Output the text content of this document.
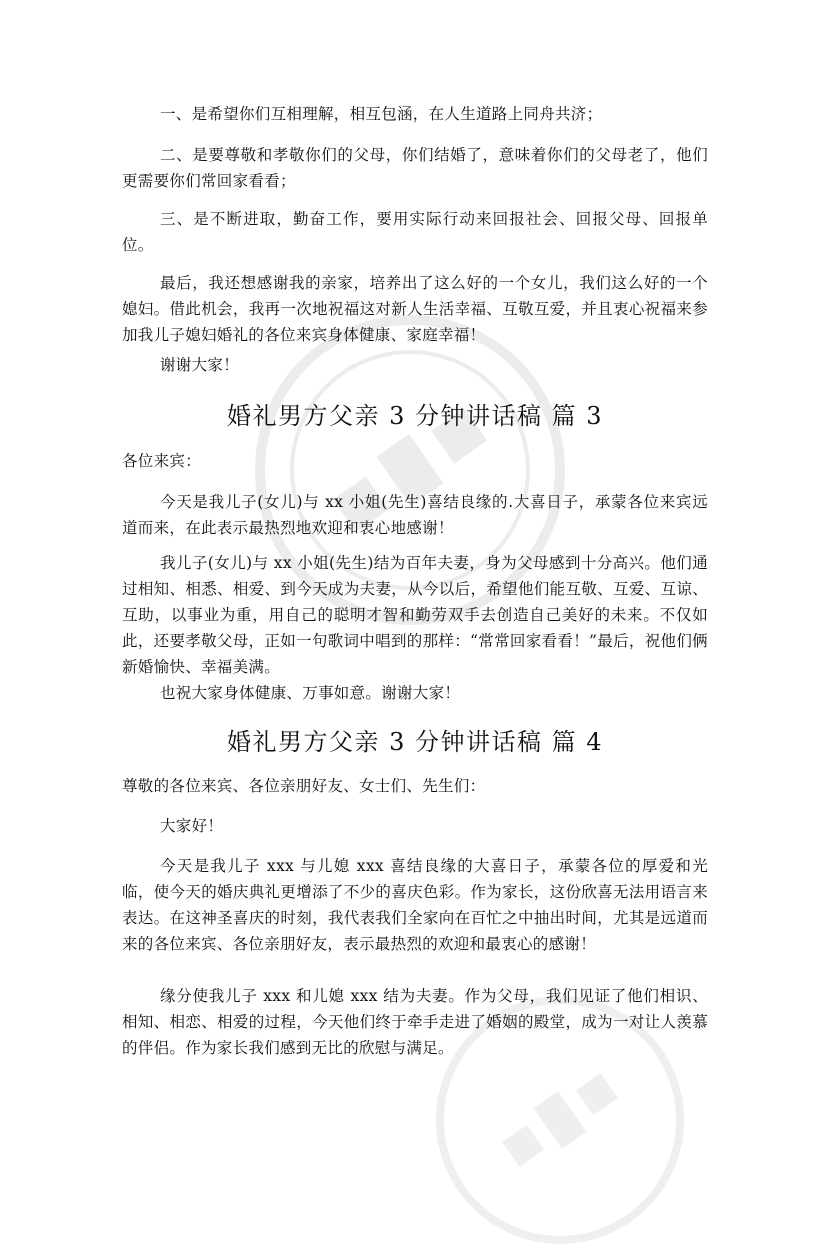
一、是希望你们互相理解，相互包涵，在人生道路上同舟共济；

二、是要尊敬和孝敬你们的父母，你们结婚了，意味着你们的父母老了，他们更需要你们常回家看看；

三、是不断进取，勤奋工作，要用实际行动来回报社会、回报父母、回报单位。

最后，我还想感谢我的亲家，培养出了这么好的一个女儿，我们这么好的一个媳妇。借此机会，我再一次地祝福这对新人生活幸福、互敬互爱，并且衷心祝福来参加我儿子媳妇婚礼的各位来宾身体健康、家庭幸福！

谢谢大家！

婚礼男方父亲 3 分钟讲话稿 篇 3

各位来宾：

今天是我儿子(女儿)与 xx 小姐(先生)喜结良缘的.大喜日子，承蒙各位来宾远道而来，在此表示最热烈地欢迎和衷心地感谢！

我儿子(女儿)与 xx 小姐(先生)结为百年夫妻，身为父母感到十分高兴。他们通过相知、相悉、相爱、到今天成为夫妻，从今以后，希望他们能互敬、互爱、互谅、互助，以事业为重，用自己的聪明才智和勤劳双手去创造自己美好的未来。不仅如此，还要孝敬父母，正如一句歌词中唱到的那样：“常常回家看看！”最后，祝他们俩新婚愉快、幸福美满。

也祝大家身体健康、万事如意。谢谢大家！

婚礼男方父亲 3 分钟讲话稿 篇 4

尊敬的各位来宾、各位亲朋好友、女士们、先生们：

大家好！

今天是我儿子 xxx 与儿媳 xxx 喜结良缘的大喜日子，承蒙各位的厚爱和光临，使今天的婚庆典礼更增添了不少的喜庆色彩。作为家长，这份欣喜无法用语言来表达。在这神圣喜庆的时刻，我代表我们全家向在百忙之中抽出时间，尤其是远道而来的各位来宾、各位亲朋好友，表示最热烈的欢迎和最衷心的感谢！

缘分使我儿子 xxx 和儿媳 xxx 结为夫妻。作为父母，我们见证了他们相识、相知、相恋、相爱的过程，今天他们终于牵手走进了婚姻的殿堂，成为一对让人羡慕的伴侣。作为家长我们感到无比的欣慰与满足。
